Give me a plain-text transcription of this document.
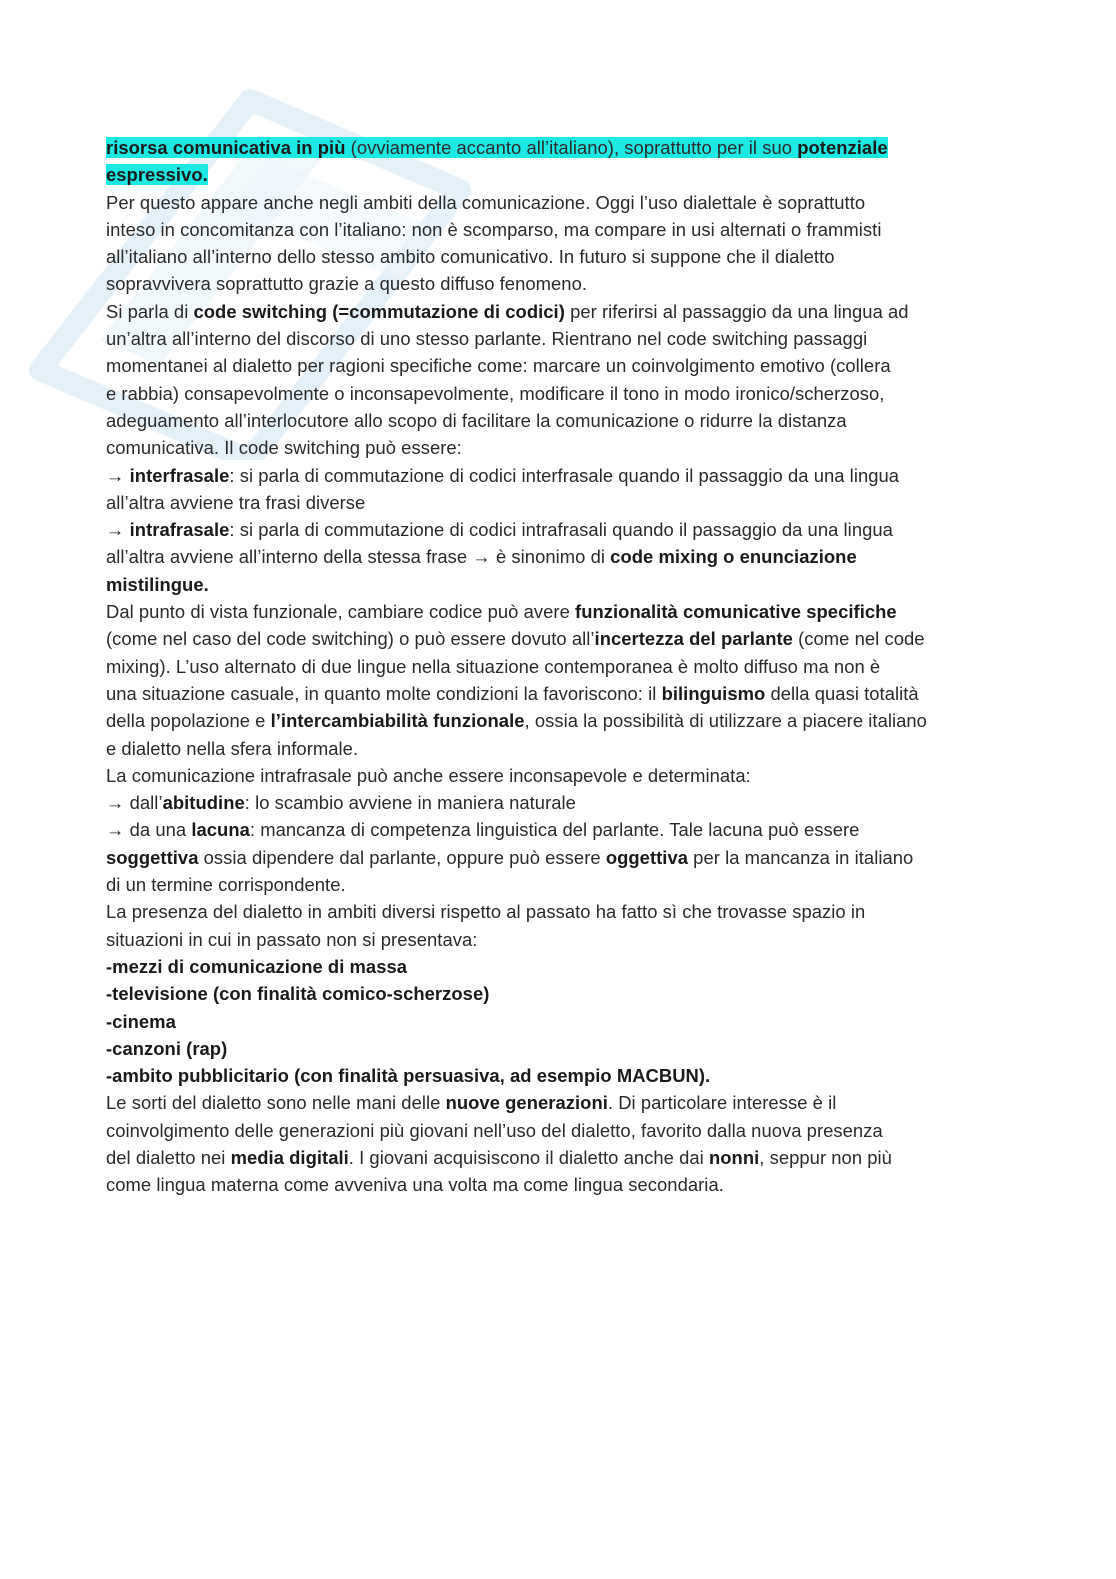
risorsa comunicativa in più (ovviamente accanto all’italiano), soprattutto per il suo potenziale

espressivo.

Per questo appare anche negli ambiti della comunicazione. Oggi l’uso dialettale è soprattutto

inteso in concomitanza con l’italiano: non è scomparso, ma compare in usi alternati o frammisti

all’italiano all’interno dello stesso ambito comunicativo. In futuro si suppone che il dialetto

sopravvivera soprattutto grazie a questo diffuso fenomeno.

Si parla di code switching (=commutazione di codici) per riferirsi al passaggio da una lingua ad

un’altra all’interno del discorso di uno stesso parlante. Rientrano nel code switching passaggi

momentanei al dialetto per ragioni specifiche come: marcare un coinvolgimento emotivo (collera

e rabbia) consapevolmente o inconsapevolmente, modificare il tono in modo ironico/scherzoso,

adeguamento all’interlocutore allo scopo di facilitare la comunicazione o ridurre la distanza

comunicativa. Il code switching può essere:

→ interfrasale: si parla di commutazione di codici interfrasale quando il passaggio da una lingua

all’altra avviene tra frasi diverse

→ intrafrasale: si parla di commutazione di codici intrafrasali quando il passaggio da una lingua

all’altra avviene all’interno della stessa frase → è sinonimo di code mixing o enunciazione

mistilingue.

Dal punto di vista funzionale, cambiare codice può avere funzionalità comunicative specifiche

(come nel caso del code switching) o può essere dovuto all’incertezza del parlante (come nel code

mixing). L’uso alternato di due lingue nella situazione contemporanea è molto diffuso ma non è

una situazione casuale, in quanto molte condizioni la favoriscono: il bilinguismo della quasi totalità

della popolazione e l’intercambiabilità funzionale, ossia la possibilità di utilizzare a piacere italiano

e dialetto nella sfera informale.

La comunicazione intrafrasale può anche essere inconsapevole e determinata:

→ dall’abitudine: lo scambio avviene in maniera naturale

→ da una lacuna: mancanza di competenza linguistica del parlante. Tale lacuna può essere

soggettiva ossia dipendere dal parlante, oppure può essere oggettiva per la mancanza in italiano

di un termine corrispondente.

La presenza del dialetto in ambiti diversi rispetto al passato ha fatto sì che trovasse spazio in

situazioni in cui in passato non si presentava:

-mezzi di comunicazione di massa

-televisione (con finalità comico-scherzose)

-cinema

-canzoni (rap)

-ambito pubblicitario (con finalità persuasiva, ad esempio MACBUN).

Le sorti del dialetto sono nelle mani delle nuove generazioni. Di particolare interesse è il

coinvolgimento delle generazioni più giovani nell’uso del dialetto, favorito dalla nuova presenza

del dialetto nei media digitali. I giovani acquisiscono il dialetto anche dai nonni, seppur non più

come lingua materna come avveniva una volta ma come lingua secondaria.
